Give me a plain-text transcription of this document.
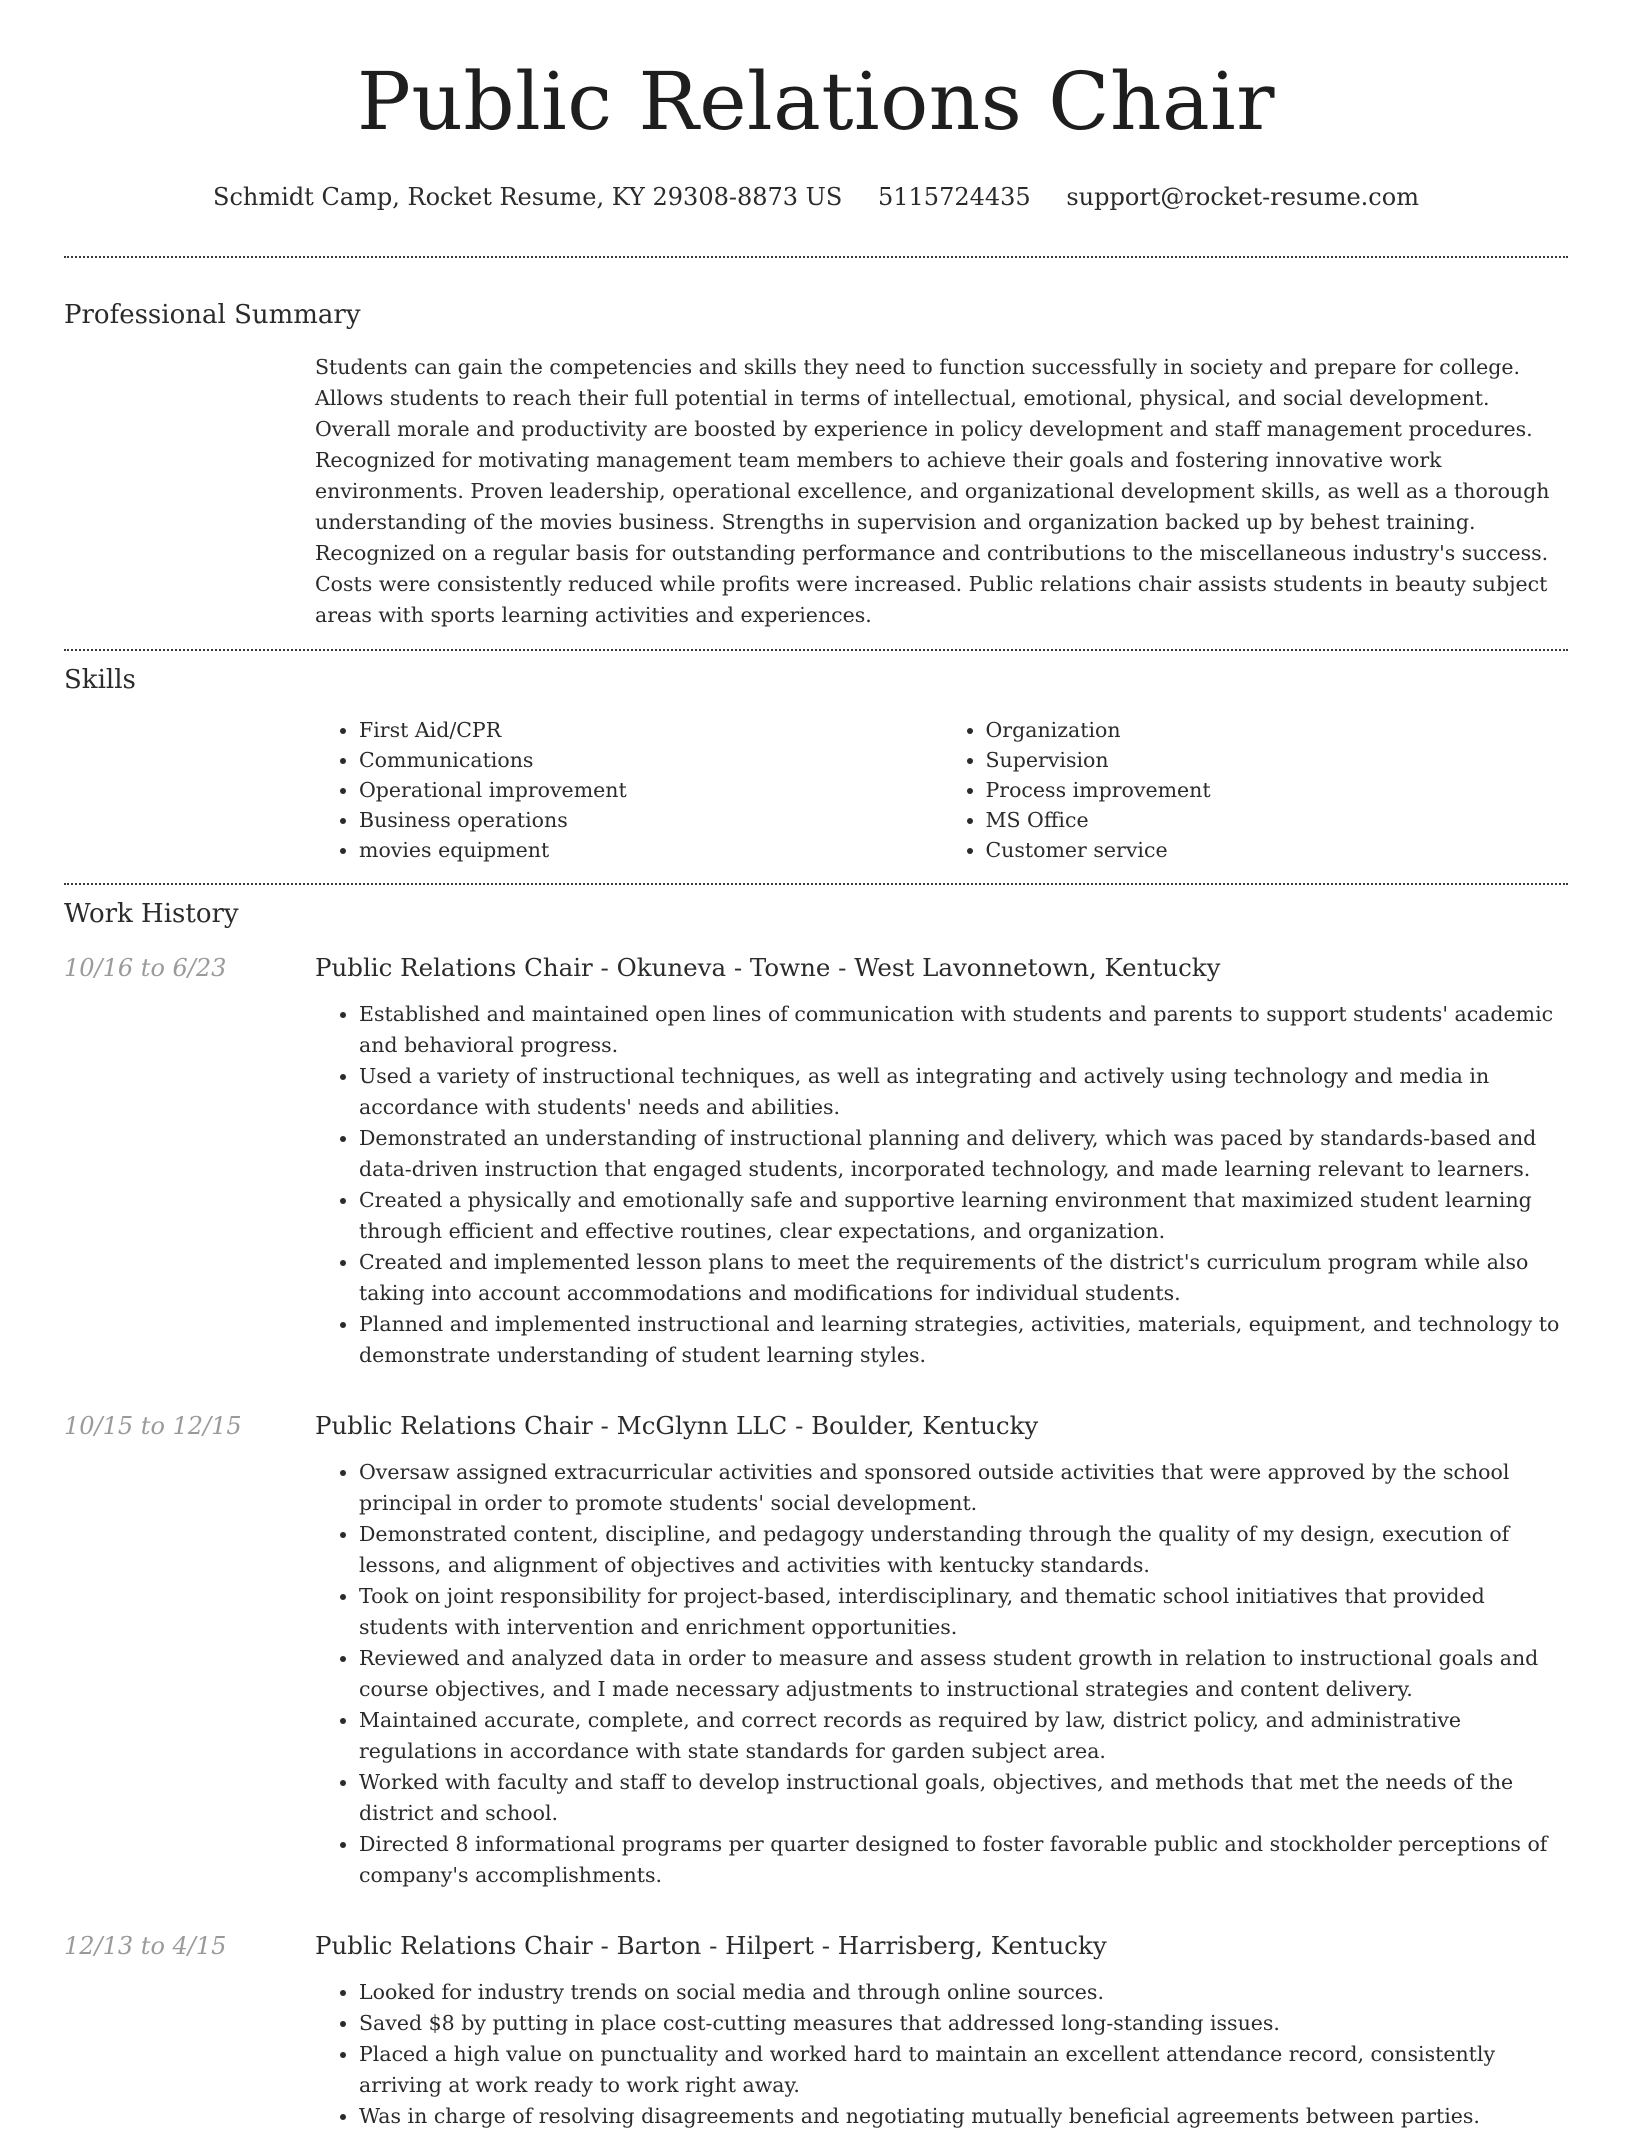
Public Relations Chair
Schmidt Camp, Rocket Resume, KY 29308-8873 US 5115724435 support@rocket-resume.com
Professional Summary
Students can gain the competencies and skills they need to function successfully in society and prepare for college. Allows students to reach their full potential in terms of intellectual, emotional, physical, and social development. Overall morale and productivity are boosted by experience in policy development and staff management procedures. Recognized for motivating management team members to achieve their goals and fostering innovative work environments. Proven leadership, operational excellence, and organizational development skills, as well as a thorough understanding of the movies business. Strengths in supervision and organization backed up by behest training. Recognized on a regular basis for outstanding performance and contributions to the miscellaneous industry's success. Costs were consistently reduced while profits were increased. Public relations chair assists students in beauty subject areas with sports learning activities and experiences.
Skills
• First Aid/CPR
• Communications
• Operational improvement
• Business operations
• movies equipment
• Organization
• Supervision
• Process improvement
• MS Office
• Customer service
Work History
10/16 to 6/23	Public Relations Chair - Okuneva - Towne - West Lavonnetown, Kentucky
• Established and maintained open lines of communication with students and parents to support students' academic and behavioral progress.
• Used a variety of instructional techniques, as well as integrating and actively using technology and media in accordance with students' needs and abilities.
• Demonstrated an understanding of instructional planning and delivery, which was paced by standards-based and data-driven instruction that engaged students, incorporated technology, and made learning relevant to learners.
• Created a physically and emotionally safe and supportive learning environment that maximized student learning through efficient and effective routines, clear expectations, and organization.
• Created and implemented lesson plans to meet the requirements of the district's curriculum program while also taking into account accommodations and modifications for individual students.
• Planned and implemented instructional and learning strategies, activities, materials, equipment, and technology to demonstrate understanding of student learning styles.
10/15 to 12/15	Public Relations Chair - McGlynn LLC - Boulder, Kentucky
• Oversaw assigned extracurricular activities and sponsored outside activities that were approved by the school principal in order to promote students' social development.
• Demonstrated content, discipline, and pedagogy understanding through the quality of my design, execution of lessons, and alignment of objectives and activities with kentucky standards.
• Took on joint responsibility for project-based, interdisciplinary, and thematic school initiatives that provided students with intervention and enrichment opportunities.
• Reviewed and analyzed data in order to measure and assess student growth in relation to instructional goals and course objectives, and I made necessary adjustments to instructional strategies and content delivery.
• Maintained accurate, complete, and correct records as required by law, district policy, and administrative regulations in accordance with state standards for garden subject area.
• Worked with faculty and staff to develop instructional goals, objectives, and methods that met the needs of the district and school.
• Directed 8 informational programs per quarter designed to foster favorable public and stockholder perceptions of company's accomplishments.
12/13 to 4/15	Public Relations Chair - Barton - Hilpert - Harrisberg, Kentucky
• Looked for industry trends on social media and through online sources.
• Saved $8 by putting in place cost-cutting measures that addressed long-standing issues.
• Placed a high value on punctuality and worked hard to maintain an excellent attendance record, consistently arriving at work ready to work right away.
• Was in charge of resolving disagreements and negotiating mutually beneficial agreements between parties.
